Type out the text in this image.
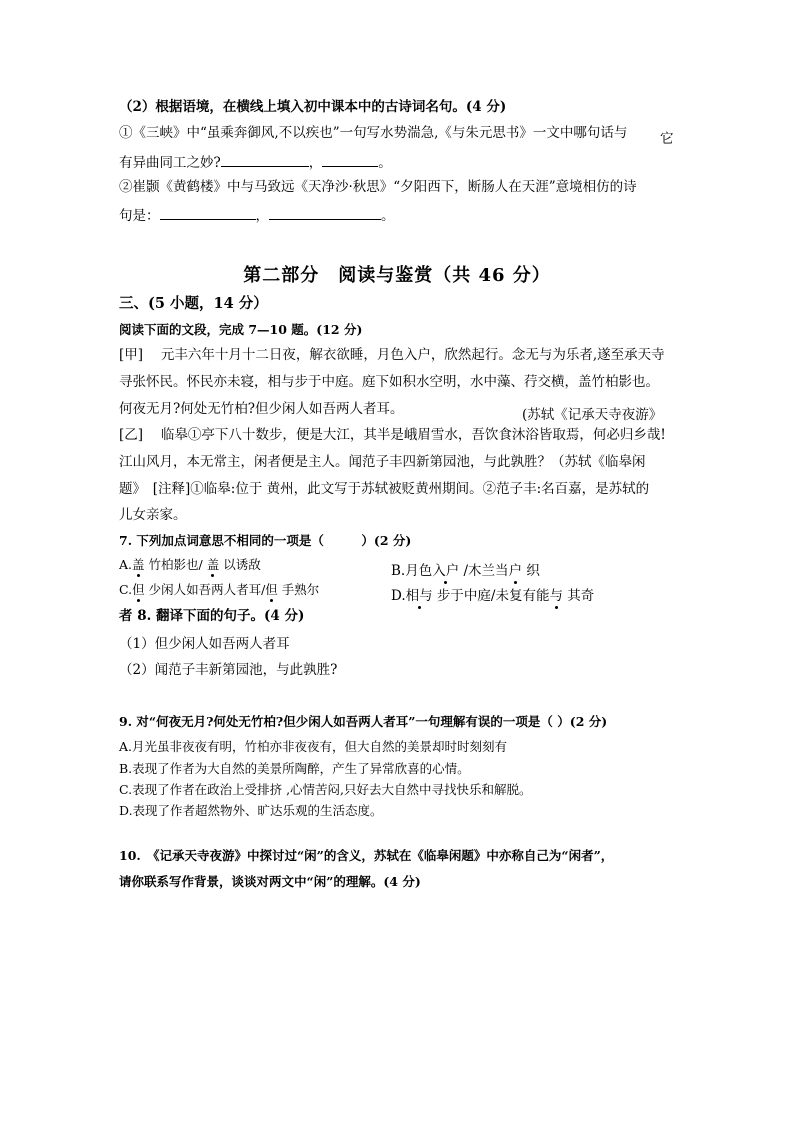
（2）根据语境，在横线上填入初中课本中的古诗词名句。(4 分)
①《三峡》中“虽乘奔御风,不以疾也”一句写水势湍急,《与朱元思书》一文中哪句话与 它
有异曲同工之妙?	，	。
②崔颢《黄鹤楼》中与马致远《天净沙·秋思》“夕阳西下，断肠人在天涯”意境相仿的诗
句是：	，	。
第二部分　阅读与鉴赏（共 46 分）
三、(5 小题，14 分）
阅读下面的文段，完成 7—10 题。(12 分)
[甲]　 元丰六年十月十二日夜，解衣欲睡，月色入户，欣然起行。念无与为乐者,遂至承天寺
寻张怀民。怀民亦未寝，相与步于中庭。庭下如积水空明，水中藻、荇交横，盖竹柏影也。
何夜无月?何处无竹柏?但少闲人如吾两人者耳。	(苏轼《记承天寺夜游》
[乙]　 临皋①亭下八十数步，便是大江，其半是峨眉雪水，吾饮食沐浴皆取焉，何必归乡哉!
江山风月，本无常主，闲者便是主人。闻范子丰四新第园池，与此孰胜？（苏轼《临皋闲
题》　[注释]①临皋:位于 黄州，此文写于苏轼被贬黄州期间。②范子丰:名百嘉，是苏轼的
儿女亲家。
7. 下列加点词意思不相同的一项是（　　　）(2 分)
A.盖 竹柏影也/ 盖 以诱敌	B.月色入户 /木兰当户 织
C.但 少闲人如吾两人者耳/但 手熟尔	D.相与 步于中庭/未复有能与 其奇
者 8. 翻译下面的句子。(4 分)
（1）但少闲人如吾两人者耳
（2）闻范子丰新第园池，与此孰胜?
9. 对“何夜无月?何处无竹柏?但少闲人如吾两人者耳”一句理解有误的一项是（ ）(2 分)
A.月光虽非夜夜有明，竹柏亦非夜夜有，但大自然的美景却时时刻刻有
B.表现了作者为大自然的美景所陶醉，产生了异常欣喜的心情。
C.表现了作者在政治上受排挤 ,心情苦闷,只好去大自然中寻找快乐和解脱。
D.表现了作者超然物外、旷达乐观的生活态度。
10.　《记承天寺夜游》中探讨过“闲”的含义，苏轼在《临皋闲题》中亦称自己为“闲者”，
请你联系写作背景，谈谈对两文中“闲”的理解。(4 分)
